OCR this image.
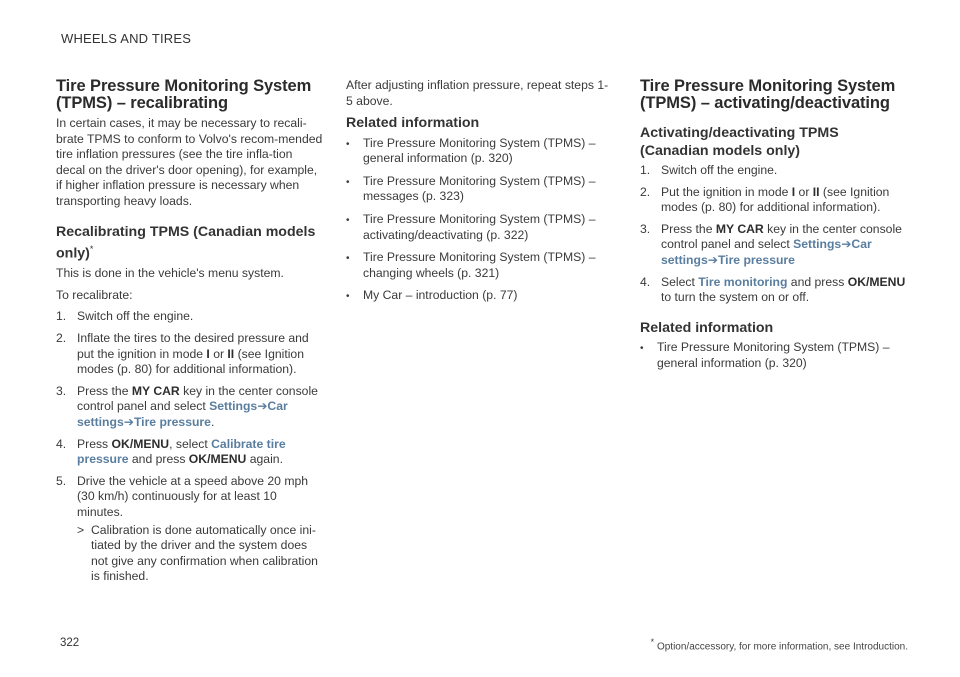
WHEELS AND TIRES
Tire Pressure Monitoring System (TPMS) – recalibrating

In certain cases, it may be necessary to recali-brate TPMS to conform to Volvo's recom-mended tire inflation pressures (see the tire infla-tion decal on the driver's door opening), for example, if higher inflation pressure is necessary when transporting heavy loads.

Recalibrating TPMS (Canadian models only)*

This is done in the vehicle's menu system.

To recalibrate:

1. Switch off the engine.
2. Inflate the tires to the desired pressure and put the ignition in mode I or II (see Ignition modes (p. 80) for additional information).
3. Press the MY CAR key in the center console control panel and select Settings➔Car settings➔Tire pressure.
4. Press OK/MENU, select Calibrate tire pressure and press OK/MENU again.
5. Drive the vehicle at a speed above 20 mph (30 km/h) continuously for at least 10 minutes.
> Calibration is done automatically once ini-tiated by the driver and the system does not give any confirmation when calibration is finished.

After adjusting inflation pressure, repeat steps 1-5 above.

Related information
•
Tire Pressure Monitoring System (TPMS) – general information (p. 320)
•
Tire Pressure Monitoring System (TPMS) – messages (p. 323)
•
Tire Pressure Monitoring System (TPMS) – activating/deactivating (p. 322)
•
Tire Pressure Monitoring System (TPMS) – changing wheels (p. 321)
•
My Car – introduction (p. 77)
Tire Pressure Monitoring System (TPMS) – activating/deactivating
Activating/deactivating TPMS (Canadian models only)
1. Switch off the engine.
2. Put the ignition in mode I or II (see Ignition modes (p. 80) for additional information).
3. Press the MY CAR key in the center console control panel and select Settings➔Car settings➔Tire pressure
4. Select Tire monitoring and press OK/MENU to turn the system on or off.
Related information
•
Tire Pressure Monitoring System (TPMS) – general information (p. 320)
322	* Option/accessory, for more information, see Introduction.
